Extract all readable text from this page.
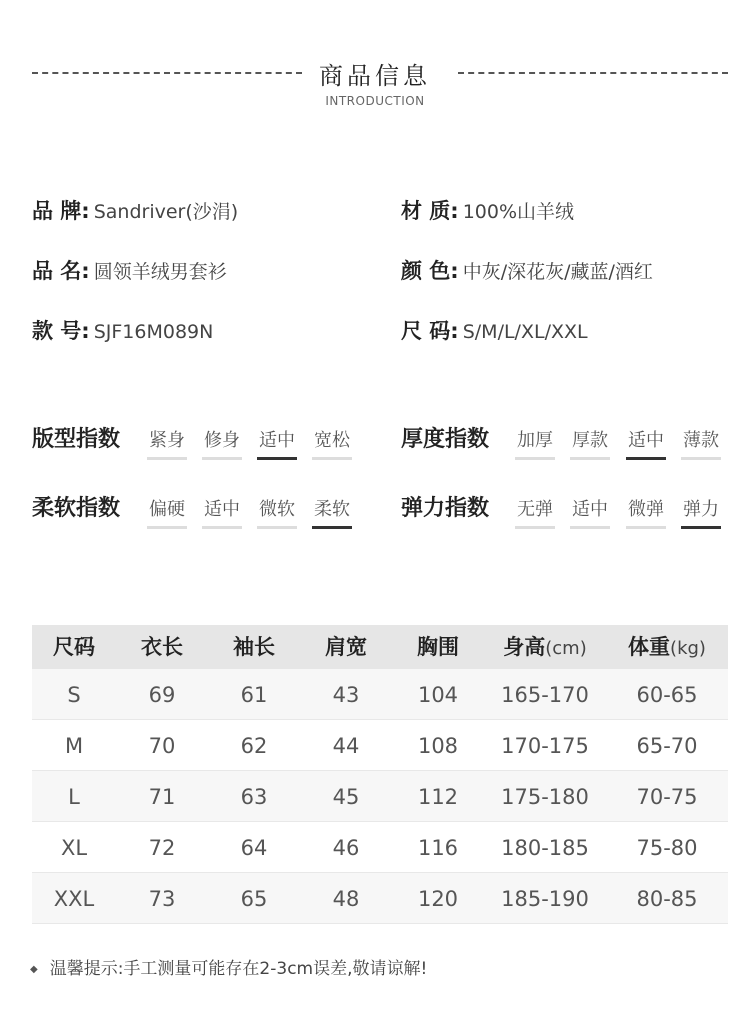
商品信息
INTRODUCTION
品 牌: Sandriver(沙涓)	材 质: 100%山羊绒
品 名: 圆领羊绒男套衫	颜 色: 中灰/深花灰/藏蓝/酒红
款 号: SJF16M089N	尺 码: S/M/L/XL/XXL
版型指数 紧身 修身 适中 宽松 厚度指数 加厚 厚款 适中 薄款
柔软指数 偏硬 适中 微软 柔软 弹力指数 无弹 适中 微弹 弹力
尺码	衣长	袖长	肩宽	胸围	身高(cm)	体重(kg)
S	69	61	43	104	165-170	60-65
M	70	62	44	108	170-175	65-70
L	71	63	45	112	175-180	70-75
XL	72	64	46	116	180-185	75-80
XXL	73	65	48	120	185-190	80-85
◆ 温馨提示:手工测量可能存在2-3cm误差,敬请谅解!
